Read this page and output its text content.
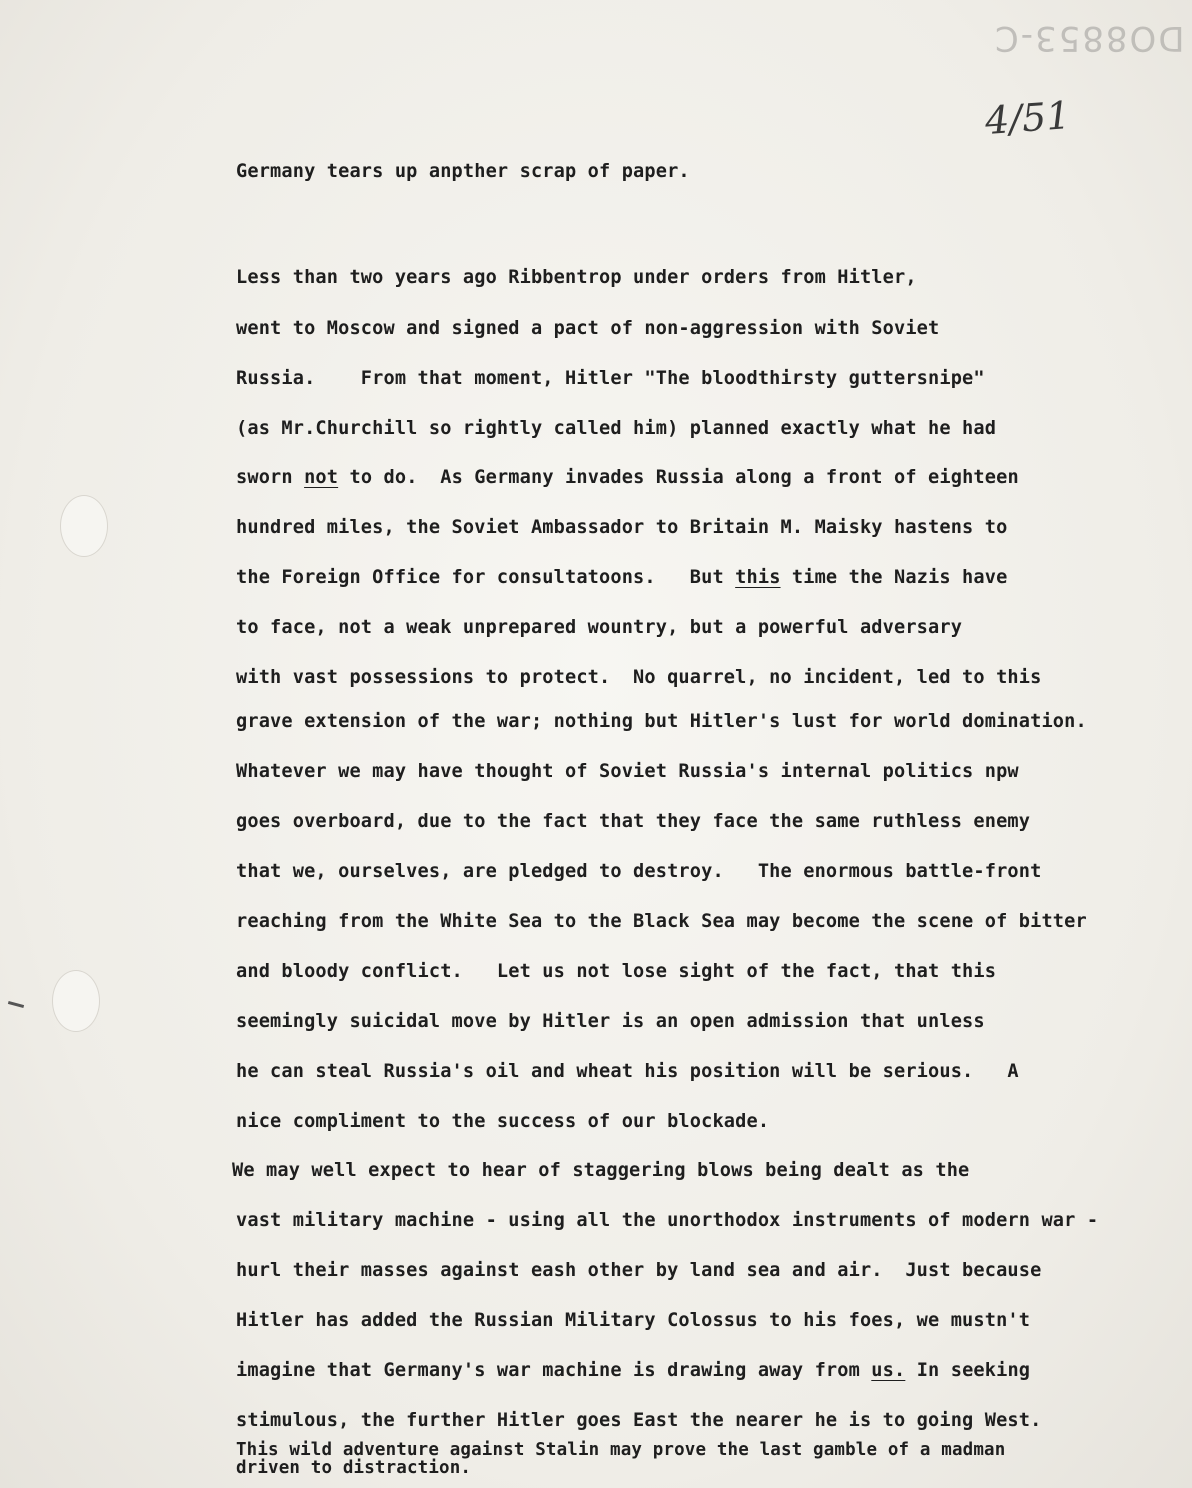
DO8853-C
4/51
Germany tears up anpther scrap of paper.
Less than two years ago Ribbentrop under orders from Hitler,
went to Moscow and signed a pact of non-aggression with Soviet
Russia.    From that moment, Hitler "The bloodthirsty guttersnipe"
(as Mr.Churchill so rightly called him) planned exactly what he had
sworn not to do.  As Germany invades Russia along a front of eighteen
hundred miles, the Soviet Ambassador to Britain M. Maisky hastens to
the Foreign Office for consultatoons.   But this time the Nazis have
to face, not a weak unprepared wountry, but a powerful adversary
with vast possessions to protect.  No quarrel, no incident, led to this
grave extension of the war; nothing but Hitler's lust for world domination.
Whatever we may have thought of Soviet Russia's internal politics npw
goes overboard, due to the fact that they face the same ruthless enemy
that we, ourselves, are pledged to destroy.   The enormous battle-front
reaching from the White Sea to the Black Sea may become the scene of bitter
and bloody conflict.   Let us not lose sight of the fact, that this
seemingly suicidal move by Hitler is an open admission that unless
he can steal Russia's oil and wheat his position will be serious.   A
nice compliment to the success of our blockade.
We may well expect to hear of staggering blows being dealt as the
vast military machine - using all the unorthodox instruments of modern war -
hurl their masses against eash other by land sea and air.  Just because
Hitler has added the Russian Military Colossus to his foes, we mustn't
imagine that Germany's war machine is drawing away from us. In seeking
stimulous, the further Hitler goes East the nearer he is to going West.
This wild adventure against Stalin may prove the last gamble of a madman
driven to distraction.
